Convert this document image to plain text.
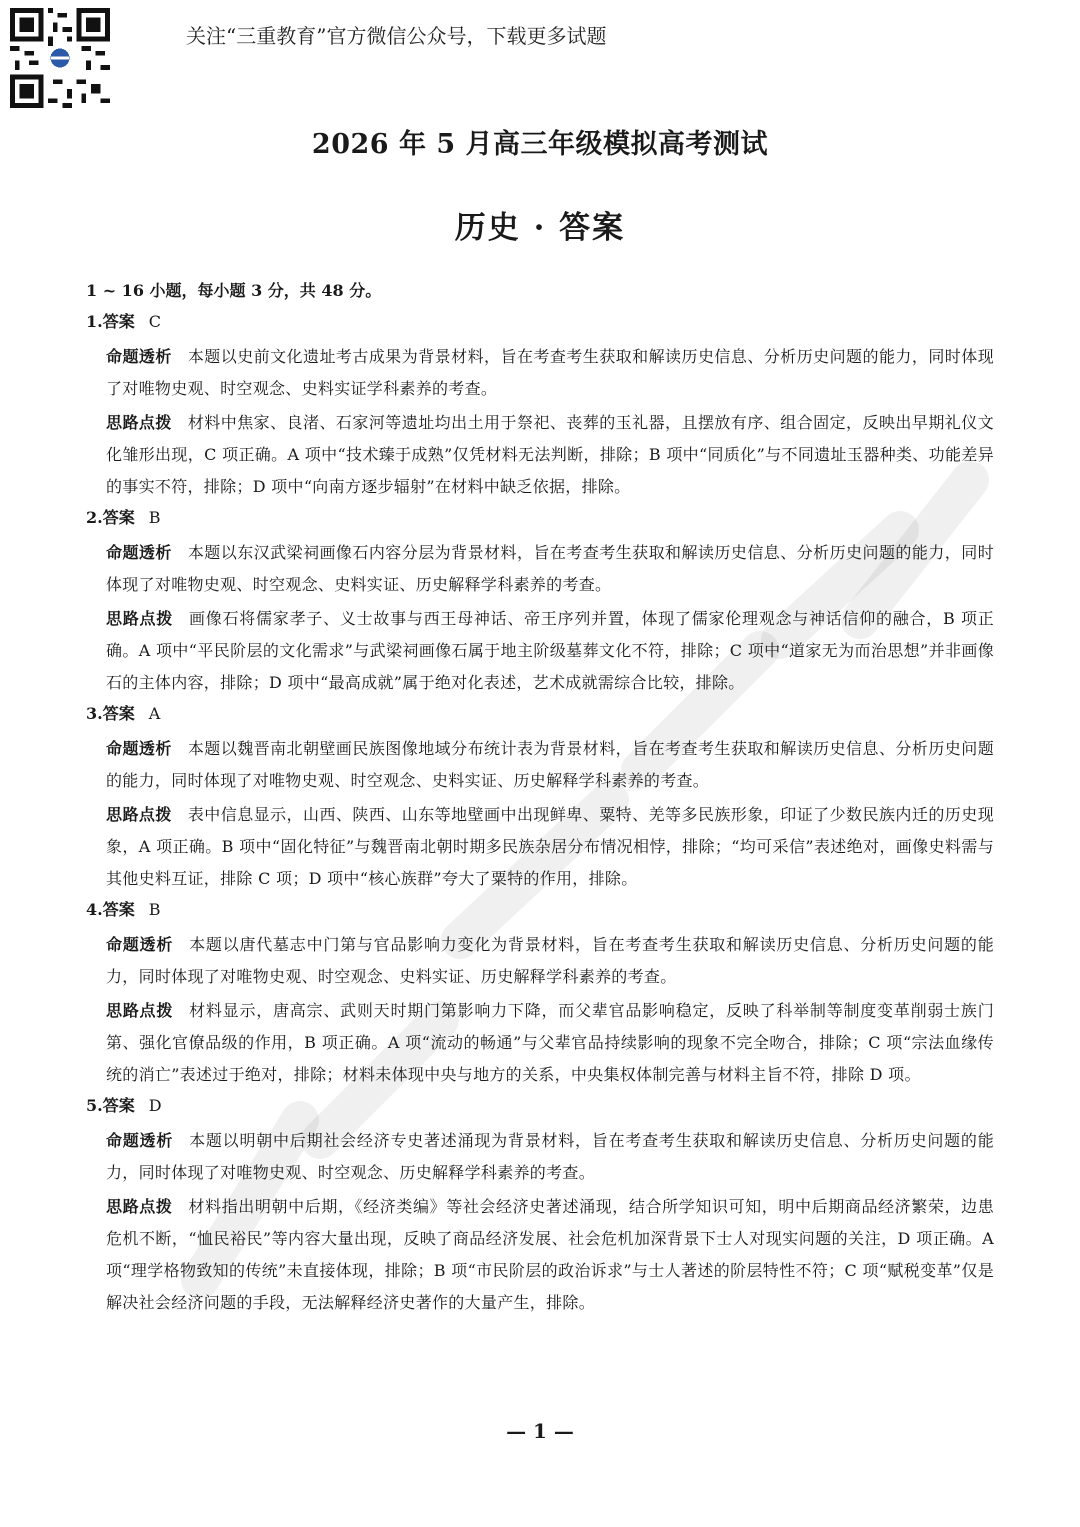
关注“三重教育”官方微信公众号，下载更多试题
2026 年 5 月高三年级模拟高考测试
历史 · 答案
1 ~ 16 小题，每小题 3 分，共 48 分。
1.答案 C
命题透析 本题以史前文化遗址考古成果为背景材料，旨在考查考生获取和解读历史信息、分析历史问题的能力，同时体现了对唯物史观、时空观念、史料实证学科素养的考查。
思路点拨 材料中焦家、良渚、石家河等遗址均出土用于祭祀、丧葬的玉礼器，且摆放有序、组合固定，反映出早期礼仪文化雏形出现，C 项正确。A 项中“技术臻于成熟”仅凭材料无法判断，排除；B 项中“同质化”与不同遗址玉器种类、功能差异的事实不符，排除；D 项中“向南方逐步辐射”在材料中缺乏依据，排除。
2.答案 B
命题透析 本题以东汉武梁祠画像石内容分层为背景材料，旨在考查考生获取和解读历史信息、分析历史问题的能力，同时体现了对唯物史观、时空观念、史料实证、历史解释学科素养的考查。
思路点拨 画像石将儒家孝子、义士故事与西王母神话、帝王序列并置，体现了儒家伦理观念与神话信仰的融合，B 项正确。A 项中“平民阶层的文化需求”与武梁祠画像石属于地主阶级墓葬文化不符，排除；C 项中“道家无为而治思想”并非画像石的主体内容，排除；D 项中“最高成就”属于绝对化表述，艺术成就需综合比较，排除。
3.答案 A
命题透析 本题以魏晋南北朝壁画民族图像地域分布统计表为背景材料，旨在考查考生获取和解读历史信息、分析历史问题的能力，同时体现了对唯物史观、时空观念、史料实证、历史解释学科素养的考查。
思路点拨 表中信息显示，山西、陕西、山东等地壁画中出现鲜卑、粟特、羌等多民族形象，印证了少数民族内迁的历史现象，A 项正确。B 项中“固化特征”与魏晋南北朝时期多民族杂居分布情况相悖，排除；“均可采信”表述绝对，画像史料需与其他史料互证，排除 C 项；D 项中“核心族群”夸大了粟特的作用，排除。
4.答案 B
命题透析 本题以唐代墓志中门第与官品影响力变化为背景材料，旨在考查考生获取和解读历史信息、分析历史问题的能力，同时体现了对唯物史观、时空观念、史料实证、历史解释学科素养的考查。
思路点拨 材料显示，唐高宗、武则天时期门第影响力下降，而父辈官品影响稳定，反映了科举制等制度变革削弱士族门第、强化官僚品级的作用，B 项正确。A 项“流动的畅通”与父辈官品持续影响的现象不完全吻合，排除；C 项“宗法血缘传统的消亡”表述过于绝对，排除；材料未体现中央与地方的关系，中央集权体制完善与材料主旨不符，排除 D 项。
5.答案 D
命题透析 本题以明朝中后期社会经济专史著述涌现为背景材料，旨在考查考生获取和解读历史信息、分析历史问题的能力，同时体现了对唯物史观、时空观念、历史解释学科素养的考查。
思路点拨 材料指出明朝中后期，《经济类编》等社会经济史著述涌现，结合所学知识可知，明中后期商品经济繁荣，边患危机不断，“恤民裕民”等内容大量出现，反映了商品经济发展、社会危机加深背景下士人对现实问题的关注，D 项正确。A 项“理学格物致知的传统”未直接体现，排除；B 项“市民阶层的政治诉求”与士人著述的阶层特性不符；C 项“赋税变革”仅是解决社会经济问题的手段，无法解释经济史著作的大量产生，排除。
— 1 —
